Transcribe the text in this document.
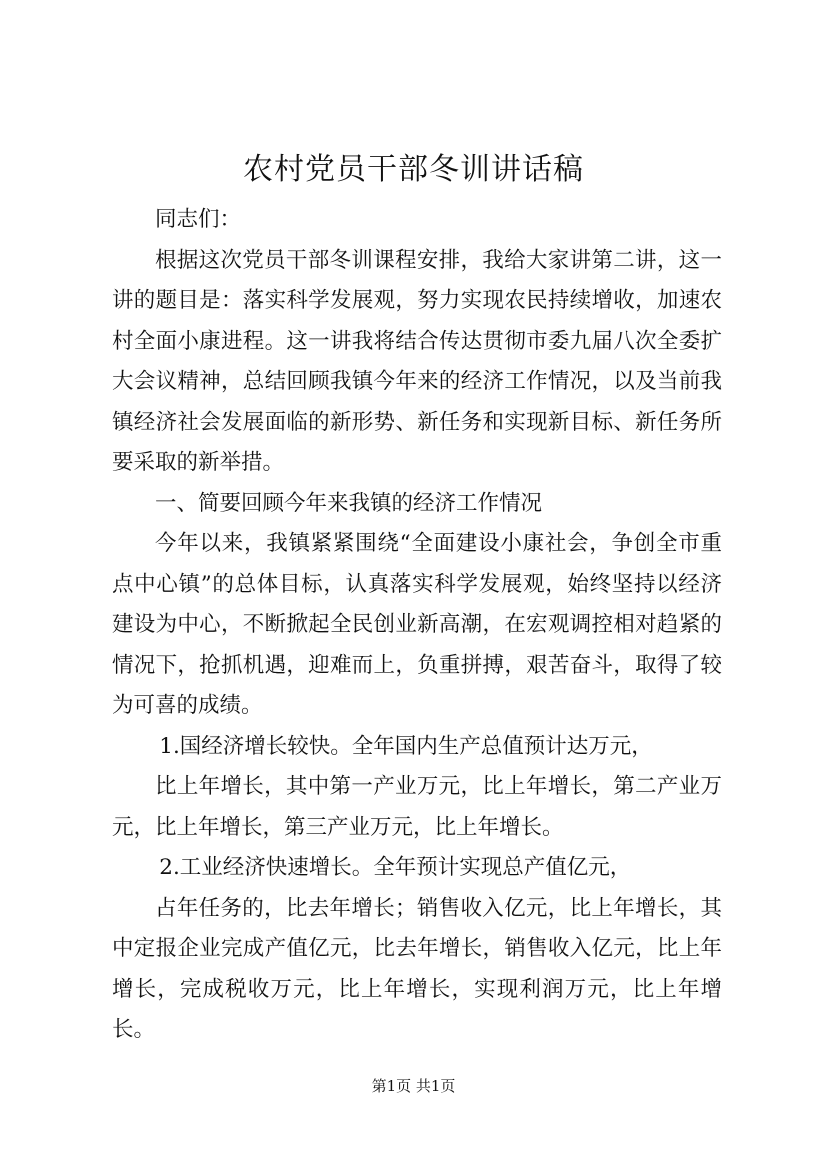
农村党员干部冬训讲话稿

同志们：

根据这次党员干部冬训课程安排，我给大家讲第二讲，这一讲的题目是：落实科学发展观，努力实现农民持续增收，加速农村全面小康进程。这一讲我将结合传达贯彻市委九届八次全委扩大会议精神，总结回顾我镇今年来的经济工作情况，以及当前我镇经济社会发展面临的新形势、新任务和实现新目标、新任务所要采取的新举措。

一、简要回顾今年来我镇的经济工作情况

今年以来，我镇紧紧围绕“全面建设小康社会，争创全市重点中心镇”的总体目标，认真落实科学发展观，始终坚持以经济建设为中心，不断掀起全民创业新高潮，在宏观调控相对趋紧的情况下，抢抓机遇，迎难而上，负重拼搏，艰苦奋斗，取得了较为可喜的成绩。

1.国经济增长较快。全年国内生产总值预计达万元，

比上年增长，其中第一产业万元，比上年增长，第二产业万元，比上年增长，第三产业万元，比上年增长。

2.工业经济快速增长。全年预计实现总产值亿元，

占年任务的，比去年增长；销售收入亿元，比上年增长，其中定报企业完成产值亿元，比去年增长，销售收入亿元，比上年增长，完成税收万元，比上年增长，实现利润万元，比上年增长。

第1页 共1页
